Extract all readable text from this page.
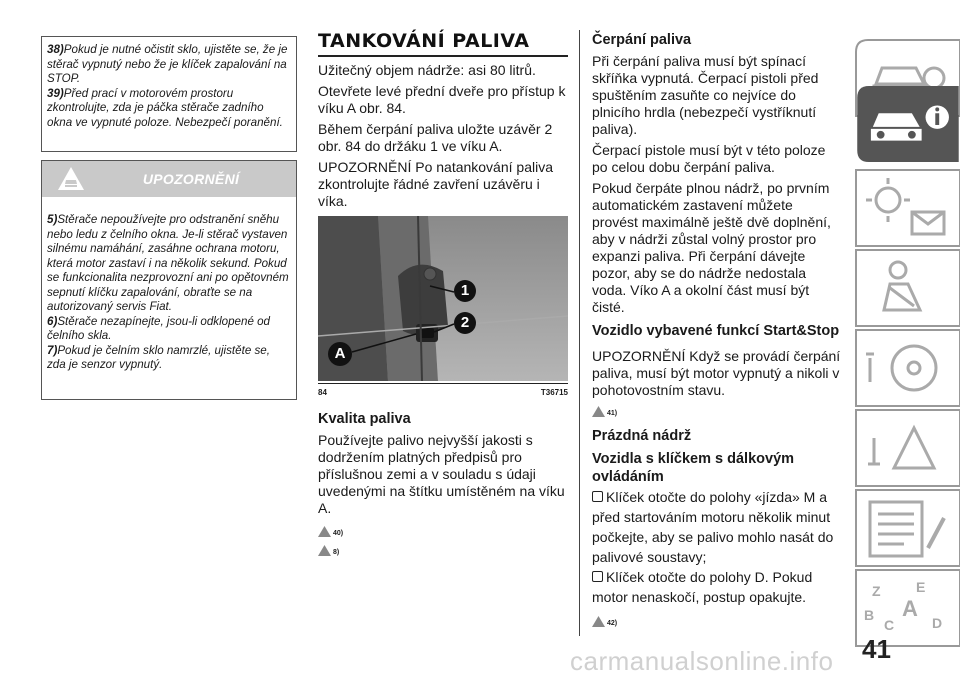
38)Pokud je nutné očistit sklo, ujistěte se, že je stěrač vypnutý nebo že je klíček zapalování na STOP.

39)Před prací v motorovém prostoru zkontrolujte, zda je páčka stěrače zadního okna ve vypnuté poloze. Nebezpečí poranění.

UPOZORNĚNÍ

5)Stěrače nepoužívejte pro odstranění sněhu nebo ledu z čelního okna. Je-li stěrač vystaven silnému namáhání, zasáhne ochrana motoru, která motor zastaví i na několik sekund. Pokud se funkcionalita nezprovozní ani po opětovném sepnutí klíčku zapalování, obraťte se na autorizovaný servis Fiat.

6)Stěrače nezapínejte, jsou-li odklopené od čelního skla.

7)Pokud je čelním sklo namrzlé, ujistěte se, zda je senzor vypnutý.

TANKOVÁNÍ PALIVA

Užitečný objem nádrže: asi 80 litrů.

Otevřete levé přední dveře pro přístup k víku A obr. 84.

Během čerpání paliva uložte uzávěr 2 obr. 84 do držáku 1 ve víku A.

UPOZORNĚNÍ Po natankování paliva zkontrolujte řádné zavření uzávěru i víka.

1
2
A
84	T36715
Kvalita paliva
Používejte palivo nejvyšší jakosti s dodržením platných předpisů pro příslušnou zemi a v souladu s údaji uvedenými na štítku umístěném na víku A.
40)
8)
Čerpání paliva

Při čerpání paliva musí být spínací skříňka vypnutá. Čerpací pistoli před spuštěním zasuňte co nejvíce do plnicího hrdla (nebezpečí vystříknutí paliva).

Čerpací pistole musí být v této poloze po celou dobu čerpání paliva.

Pokud čerpáte plnou nádrž, po prvním automatickém zastavení můžete provést maximálně ještě dvě doplnění, aby v nádrži zůstal volný prostor pro expanzi paliva. Při čerpání dávejte pozor, aby se do nádrže nedostala voda. Víko A a okolní část musí být čisté.

Vozidlo vybavené funkcí Start&Stop
UPOZORNĚNÍ Když se provádí čerpání paliva, musí být motor vypnutý a nikoli v pohotovostním stavu.
41)
Prázdná nádrž
Vozidla s klíčkem s dálkovým ovládáním
Klíček otočte do polohy «jízda» M a před startováním motoru několik minut počkejte, aby se palivo mohlo nasát do palivové soustavy;
Klíček otočte do polohy D. Pokud motor nenaskočí, postup opakujte.
42)
Z	E
B
C
A
D
41
carmanualsonline.info
